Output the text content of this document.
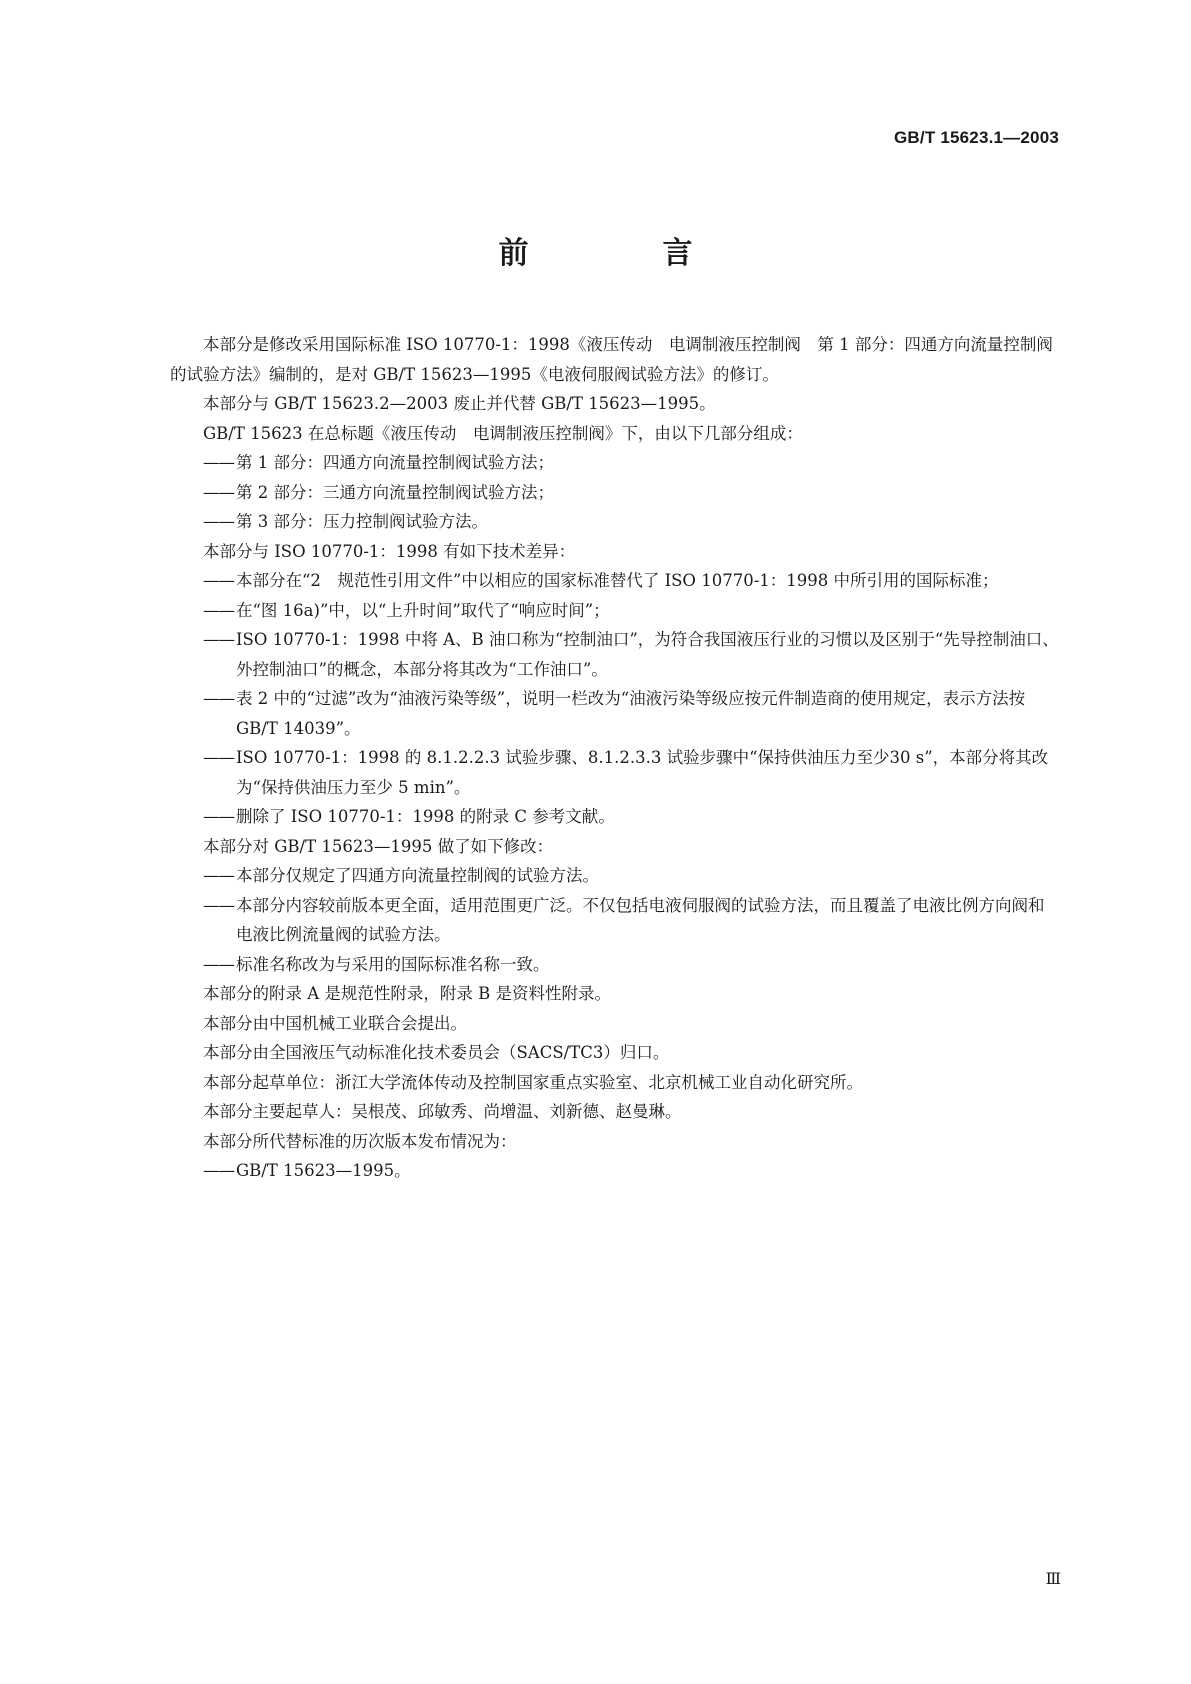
GB/T 15623.1—2003
前　言

本部分是修改采用国际标准 ISO 10770-1：1998《液压传动　电调制液压控制阀　第 1 部分：四通方向流量控制阀的试验方法》编制的，是对 GB/T 15623—1995《电液伺服阀试验方法》的修订。

本部分与 GB/T 15623.2—2003 废止并代替 GB/T 15623—1995。

GB/T 15623 在总标题《液压传动　电调制液压控制阀》下，由以下几部分组成：

—— 第 1 部分：四通方向流量控制阀试验方法；

—— 第 2 部分：三通方向流量控制阀试验方法；

—— 第 3 部分：压力控制阀试验方法。

本部分与 ISO 10770-1：1998 有如下技术差异：

—— 本部分在“2　规范性引用文件”中以相应的国家标准替代了 ISO 10770-1：1998 中所引用的国际标准；

—— 在“图 16a)”中，以“上升时间”取代了“响应时间”；

—— ISO 10770-1：1998 中将 A、B 油口称为“控制油口”，为符合我国液压行业的习惯以及区别于“先导控制油口、外控制油口”的概念，本部分将其改为“工作油口”。

—— 表 2 中的“过滤”改为“油液污染等级”，说明一栏改为“油液污染等级应按元件制造商的使用规定，表示方法按 GB/T 14039”。

—— ISO 10770-1：1998 的 8.1.2.2.3 试验步骤、8.1.2.3.3 试验步骤中“保持供油压力至少30 s”，本部分将其改为“保持供油压力至少 5 min”。

—— 删除了 ISO 10770-1：1998 的附录 C 参考文献。

本部分对 GB/T 15623—1995 做了如下修改：

—— 本部分仅规定了四通方向流量控制阀的试验方法。

—— 本部分内容较前版本更全面，适用范围更广泛。不仅包括电液伺服阀的试验方法，而且覆盖了电液比例方向阀和电液比例流量阀的试验方法。

—— 标准名称改为与采用的国际标准名称一致。

本部分的附录 A 是规范性附录，附录 B 是资料性附录。

本部分由中国机械工业联合会提出。

本部分由全国液压气动标准化技术委员会（SACS/TC3）归口。

本部分起草单位：浙江大学流体传动及控制国家重点实验室、北京机械工业自动化研究所。

本部分主要起草人：吴根茂、邱敏秀、尚增温、刘新德、赵曼琳。

本部分所代替标准的历次版本发布情况为：

—— GB/T 15623—1995。

Ⅲ
